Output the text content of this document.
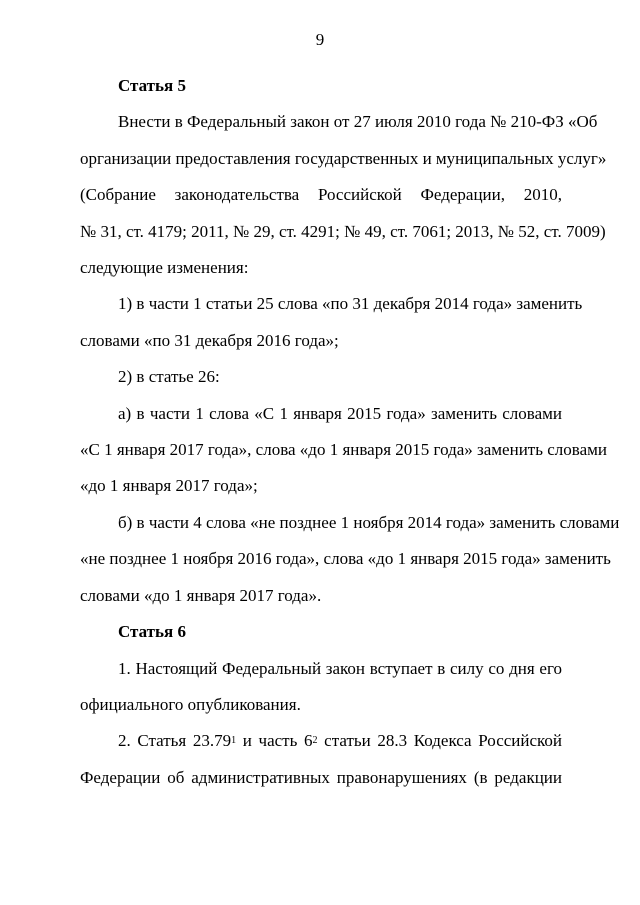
9
Статья 5
Внести в Федеральный закон от 27 июля 2010 года № 210-ФЗ «Об
организации предоставления государственных и муниципальных услуг»
(Собрание законодательства Российской Федерации, 2010,
№ 31, ст. 4179; 2011, № 29, ст. 4291; № 49, ст. 7061; 2013, № 52, ст. 7009)
следующие изменения:
1) в части 1 статьи 25 слова «по 31 декабря 2014 года» заменить
словами «по 31 декабря 2016 года»;
2) в статье 26:
а) в части 1 слова «С 1 января 2015 года» заменить словами
«С 1 января 2017 года», слова «до 1 января 2015 года» заменить словами
«до 1 января 2017 года»;
б) в части 4 слова «не позднее 1 ноября 2014 года» заменить словами
«не позднее 1 ноября 2016 года», слова «до 1 января 2015 года» заменить
словами «до 1 января 2017 года».
Статья 6
1. Настоящий Федеральный закон вступает в силу со дня его
официального опубликования.
2. Статья 23.79$^1$ и часть $6^2$ статьи 28.3 Кодекса Российской
Федерации об административных правонарушениях (в редакции
